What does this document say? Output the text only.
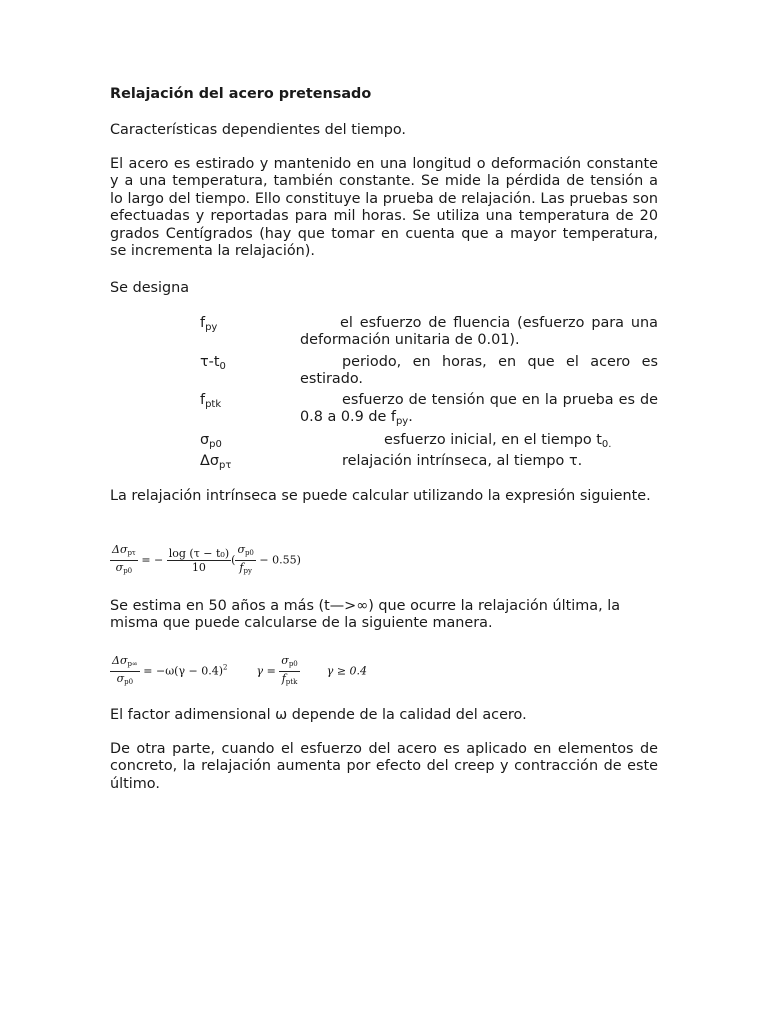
Relajación del acero pretensado
Características dependientes del tiempo.

El acero es estirado y mantenido en una longitud o deformación constante y a una temperatura, también constante. Se mide la pérdida de tensión a lo largo del tiempo. Ello constituye la prueba de relajación. Las pruebas son efectuadas y reportadas para mil horas. Se utiliza una temperatura de 20 grados Centígrados (hay que tomar en cuenta que a mayor temperatura, se incrementa la relajación).

Se designa
$f_{py}$	el esfuerzo de fluencia (esfuerzo para una deformación unitaria de 0.01).
$\tau-t_0$	periodo, en horas, en que el acero es estirado.
$f_{ptk}$	esfuerzo de tensión que en la prueba es de 0.8 a 0.9 de $f_{py}$.
$\sigma_{p0}$	esfuerzo inicial, en el tiempo $t_{0.}$
$\Delta\sigma_{p\tau}$	relajación intrínseca, al tiempo τ.
La relajación intrínseca se puede calcular utilizando la expresión siguiente.
$\frac{\text{Δσpτ}}{\sigma p0}$ = − $\frac{\text{log (τ − t₀)}}{10}$ ( $\frac{\sigma p0}{\text{fpy}} - 0.55$)
Se estima en 50 años a más (t—>∞) que ocurre la relajación última, la misma que puede calcularse de la siguiente manera.
$\frac{\text{Δσp∞}}{\sigma p0} = -\omega(\gamma - 0.4)^2$	$\gamma = \frac{\sigma p0}{\text{fptk}}$ γ ≥ 0.4
El factor adimensional ω depende de la calidad del acero.
De otra parte, cuando el esfuerzo del acero es aplicado en elementos de concreto, la relajación aumenta por efecto del creep y contracción de este último.
